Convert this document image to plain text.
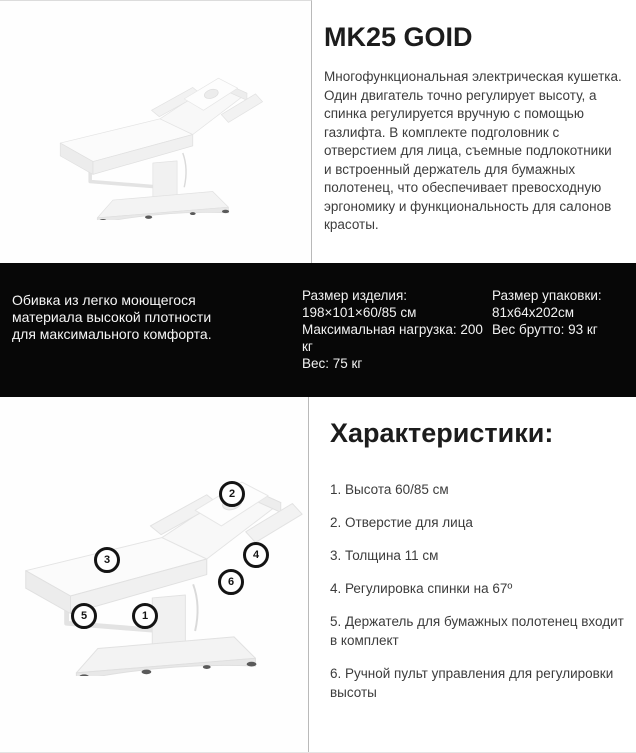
MK25 GOID

Многофункциональная электрическая кушетка. Один двигатель точно регулирует высоту, а спинка регулируется вручную с помощью газлифта. В комплекте подголовник с отверстием для лица, съемные подлокотники и встроенный держатель для бумажных полотенец, что обеспечивает превосходную эргономику и функциональность для салонов красоты.

Обивка из легко моющегося материала высокой плотности для максимального комфорта.
Размер изделия:
198×101×60/85 см
Максимальная нагрузка: 200 кг
Вес: 75 кг
Размер упаковки:
81x64x202см
Вес брутто: 93 кг
1
2
3	4
5
6
Характеристики:
1. Высота 60/85 см
2. Отверстие для лица
3. Толщина 11 см
4. Регулировка спинки на 67º
5. Держатель для бумажных полотенец входит в комплект
6. Ручной пульт управления для регулировки высоты
